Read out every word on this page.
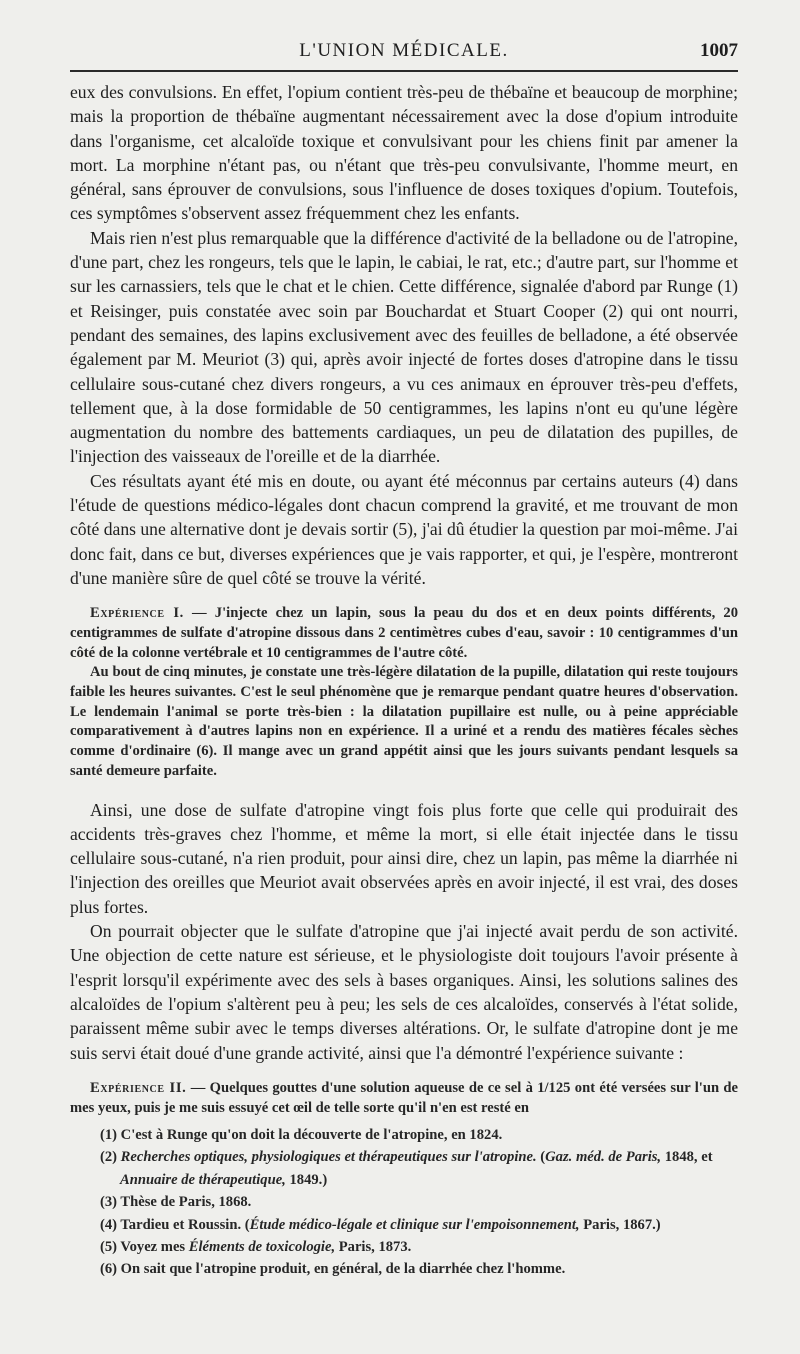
L'UNION MÉDICALE.	1007

eux des convulsions. En effet, l'opium contient très-peu de thébaïne et beaucoup de morphine; mais la proportion de thébaïne augmentant nécessairement avec la dose d'opium introduite dans l'organisme, cet alcaloïde toxique et convulsivant pour les chiens finit par amener la mort. La morphine n'étant pas, ou n'étant que très-peu convulsivante, l'homme meurt, en général, sans éprouver de convulsions, sous l'influence de doses toxiques d'opium. Toutefois, ces symptômes s'observent assez fréquemment chez les enfants.

Mais rien n'est plus remarquable que la différence d'activité de la belladone ou de l'atropine, d'une part, chez les rongeurs, tels que le lapin, le cabiai, le rat, etc.; d'autre part, sur l'homme et sur les carnassiers, tels que le chat et le chien. Cette différence, signalée d'abord par Runge (1) et Reisinger, puis constatée avec soin par Bouchardat et Stuart Cooper (2) qui ont nourri, pendant des semaines, des lapins exclusivement avec des feuilles de belladone, a été observée également par M. Meuriot (3) qui, après avoir injecté de fortes doses d'atropine dans le tissu cellulaire sous-cutané chez divers rongeurs, a vu ces animaux en éprouver très-peu d'effets, tellement que, à la dose formidable de 50 centigrammes, les lapins n'ont eu qu'une légère augmentation du nombre des battements cardiaques, un peu de dilatation des pupilles, de l'injection des vaisseaux de l'oreille et de la diarrhée.

Ces résultats ayant été mis en doute, ou ayant été méconnus par certains auteurs (4) dans l'étude de questions médico-légales dont chacun comprend la gravité, et me trouvant de mon côté dans une alternative dont je devais sortir (5), j'ai dû étudier la question par moi-même. J'ai donc fait, dans ce but, diverses expériences que je vais rapporter, et qui, je l'espère, montreront d'une manière sûre de quel côté se trouve la vérité.

Expérience I. — J'injecte chez un lapin, sous la peau du dos et en deux points différents, 20 centigrammes de sulfate d'atropine dissous dans 2 centimètres cubes d'eau, savoir : 10 centigrammes d'un côté de la colonne vertébrale et 10 centigrammes de l'autre côté.

Au bout de cinq minutes, je constate une très-légère dilatation de la pupille, dilatation qui reste toujours faible les heures suivantes. C'est le seul phénomène que je remarque pendant quatre heures d'observation. Le lendemain l'animal se porte très-bien : la dilatation pupillaire est nulle, ou à peine appréciable comparativement à d'autres lapins non en expérience. Il a uriné et a rendu des matières fécales sèches comme d'ordinaire (6). Il mange avec un grand appétit ainsi que les jours suivants pendant lesquels sa santé demeure parfaite.

Ainsi, une dose de sulfate d'atropine vingt fois plus forte que celle qui produirait des accidents très-graves chez l'homme, et même la mort, si elle était injectée dans le tissu cellulaire sous-cutané, n'a rien produit, pour ainsi dire, chez un lapin, pas même la diarrhée ni l'injection des oreilles que Meuriot avait observées après en avoir injecté, il est vrai, des doses plus fortes.

On pourrait objecter que le sulfate d'atropine que j'ai injecté avait perdu de son activité. Une objection de cette nature est sérieuse, et le physiologiste doit toujours l'avoir présente à l'esprit lorsqu'il expérimente avec des sels à bases organiques. Ainsi, les solutions salines des alcaloïdes de l'opium s'altèrent peu à peu; les sels de ces alcaloïdes, conservés à l'état solide, paraissent même subir avec le temps diverses altérations. Or, le sulfate d'atropine dont je me suis servi était doué d'une grande activité, ainsi que l'a démontré l'expérience suivante :

Expérience II. — Quelques gouttes d'une solution aqueuse de ce sel à 1/125 ont été versées sur l'un de mes yeux, puis je me suis essuyé cet œil de telle sorte qu'il n'en est resté en

(1) C'est à Runge qu'on doit la découverte de l'atropine, en 1824.

(2) Recherches optiques, physiologiques et thérapeutiques sur l'atropine. (Gaz. méd. de Paris, 1848, et Annuaire de thérapeutique, 1849.)

(3) Thèse de Paris, 1868.

(4) Tardieu et Roussin. (Étude médico-légale et clinique sur l'empoisonnement, Paris, 1867.)

(5) Voyez mes Éléments de toxicologie, Paris, 1873.

(6) On sait que l'atropine produit, en général, de la diarrhée chez l'homme.
